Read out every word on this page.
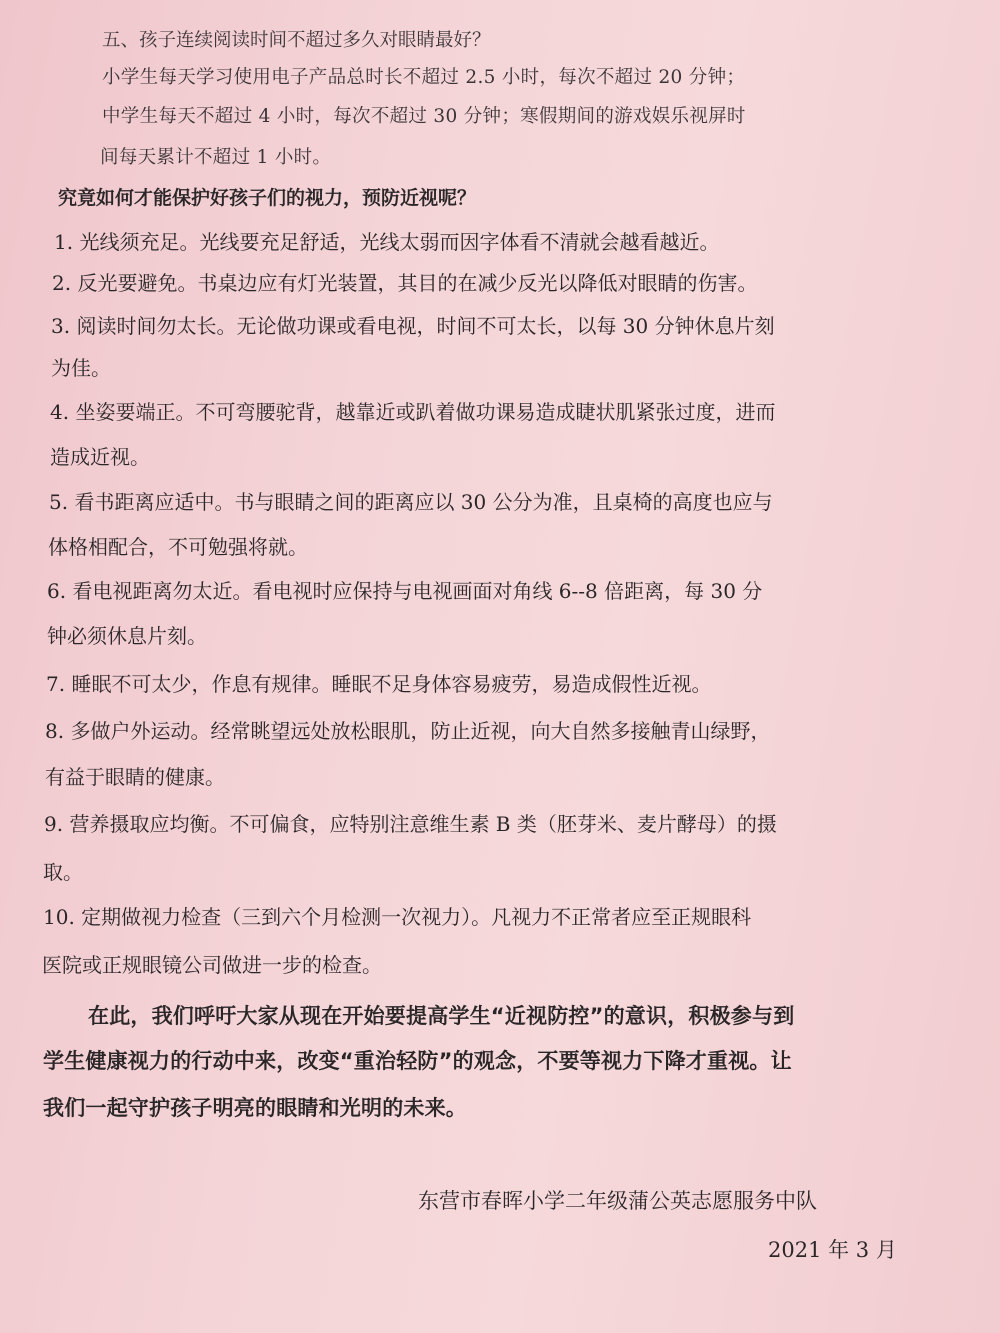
五、孩子连续阅读时间不超过多久对眼睛最好？
小学生每天学习使用电子产品总时长不超过 2.5 小时，每次不超过 20 分钟；
中学生每天不超过 4 小时，每次不超过 30 分钟；寒假期间的游戏娱乐视屏时
间每天累计不超过 1 小时。
究竟如何才能保护好孩子们的视力，预防近视呢？
1. 光线须充足。光线要充足舒适，光线太弱而因字体看不清就会越看越近。
2. 反光要避免。书桌边应有灯光装置，其目的在减少反光以降低对眼睛的伤害。
3. 阅读时间勿太长。无论做功课或看电视，时间不可太长，以每 30 分钟休息片刻
为佳。
4. 坐姿要端正。不可弯腰驼背，越靠近或趴着做功课易造成睫状肌紧张过度，进而
造成近视。
5. 看书距离应适中。书与眼睛之间的距离应以 30 公分为准，且桌椅的高度也应与
体格相配合，不可勉强将就。
6. 看电视距离勿太近。看电视时应保持与电视画面对角线 6--8 倍距离，每 30 分
钟必须休息片刻。
7. 睡眠不可太少，作息有规律。睡眠不足身体容易疲劳，易造成假性近视。
8. 多做户外运动。经常眺望远处放松眼肌，防止近视，向大自然多接触青山绿野，
有益于眼睛的健康。
9. 营养摄取应均衡。不可偏食，应特别注意维生素 B 类（胚芽米、麦片酵母）的摄
取。
10. 定期做视力检查（三到六个月检测一次视力）。凡视力不正常者应至正规眼科
医院或正规眼镜公司做进一步的检查。
在此，我们呼吁大家从现在开始要提高学生“近视防控”的意识，积极参与到
学生健康视力的行动中来，改变“重治轻防”的观念，不要等视力下降才重视。让
我们一起守护孩子明亮的眼睛和光明的未来。
东营市春晖小学二年级蒲公英志愿服务中队
2021 年 3 月
